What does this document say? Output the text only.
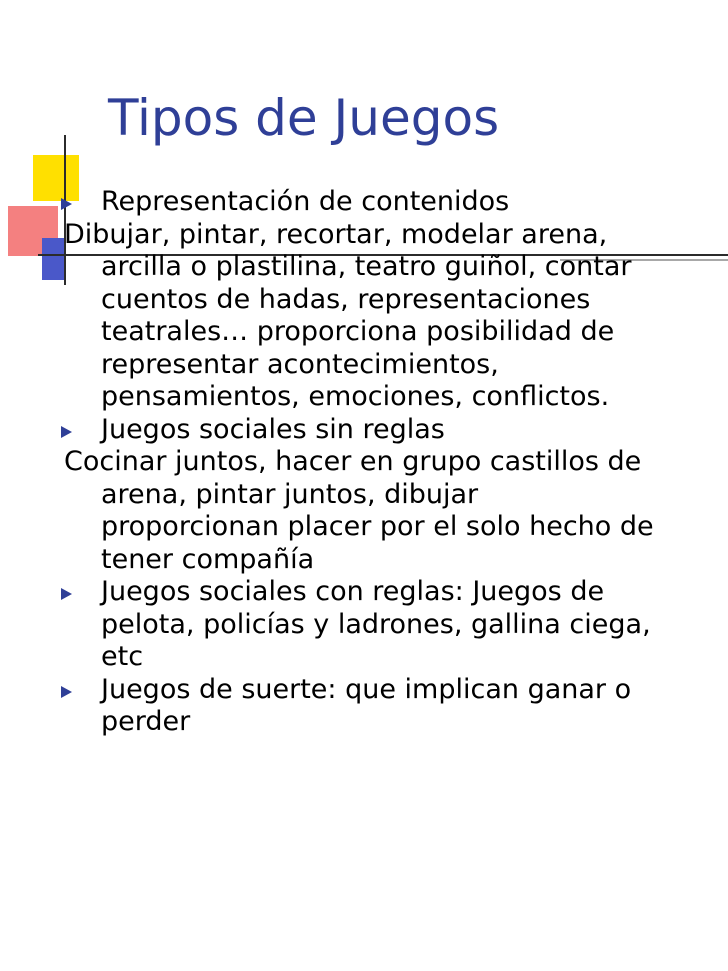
Tipos de Juegos

Representación de contenidos

Dibujar, pintar, recortar, modelar arena, arcilla o plastilina, teatro guiñol, contar cuentos de hadas, representaciones teatrales… proporciona posibilidad de representar acontecimientos, pensamientos, emociones, conflictos.

Juegos sociales sin reglas

Cocinar juntos, hacer en grupo castillos de arena, pintar juntos, dibujar proporcionan placer por el solo hecho de tener compañía

Juegos sociales con reglas: Juegos de pelota, policías y ladrones, gallina ciega, etc

Juegos de suerte: que implican ganar o perder
